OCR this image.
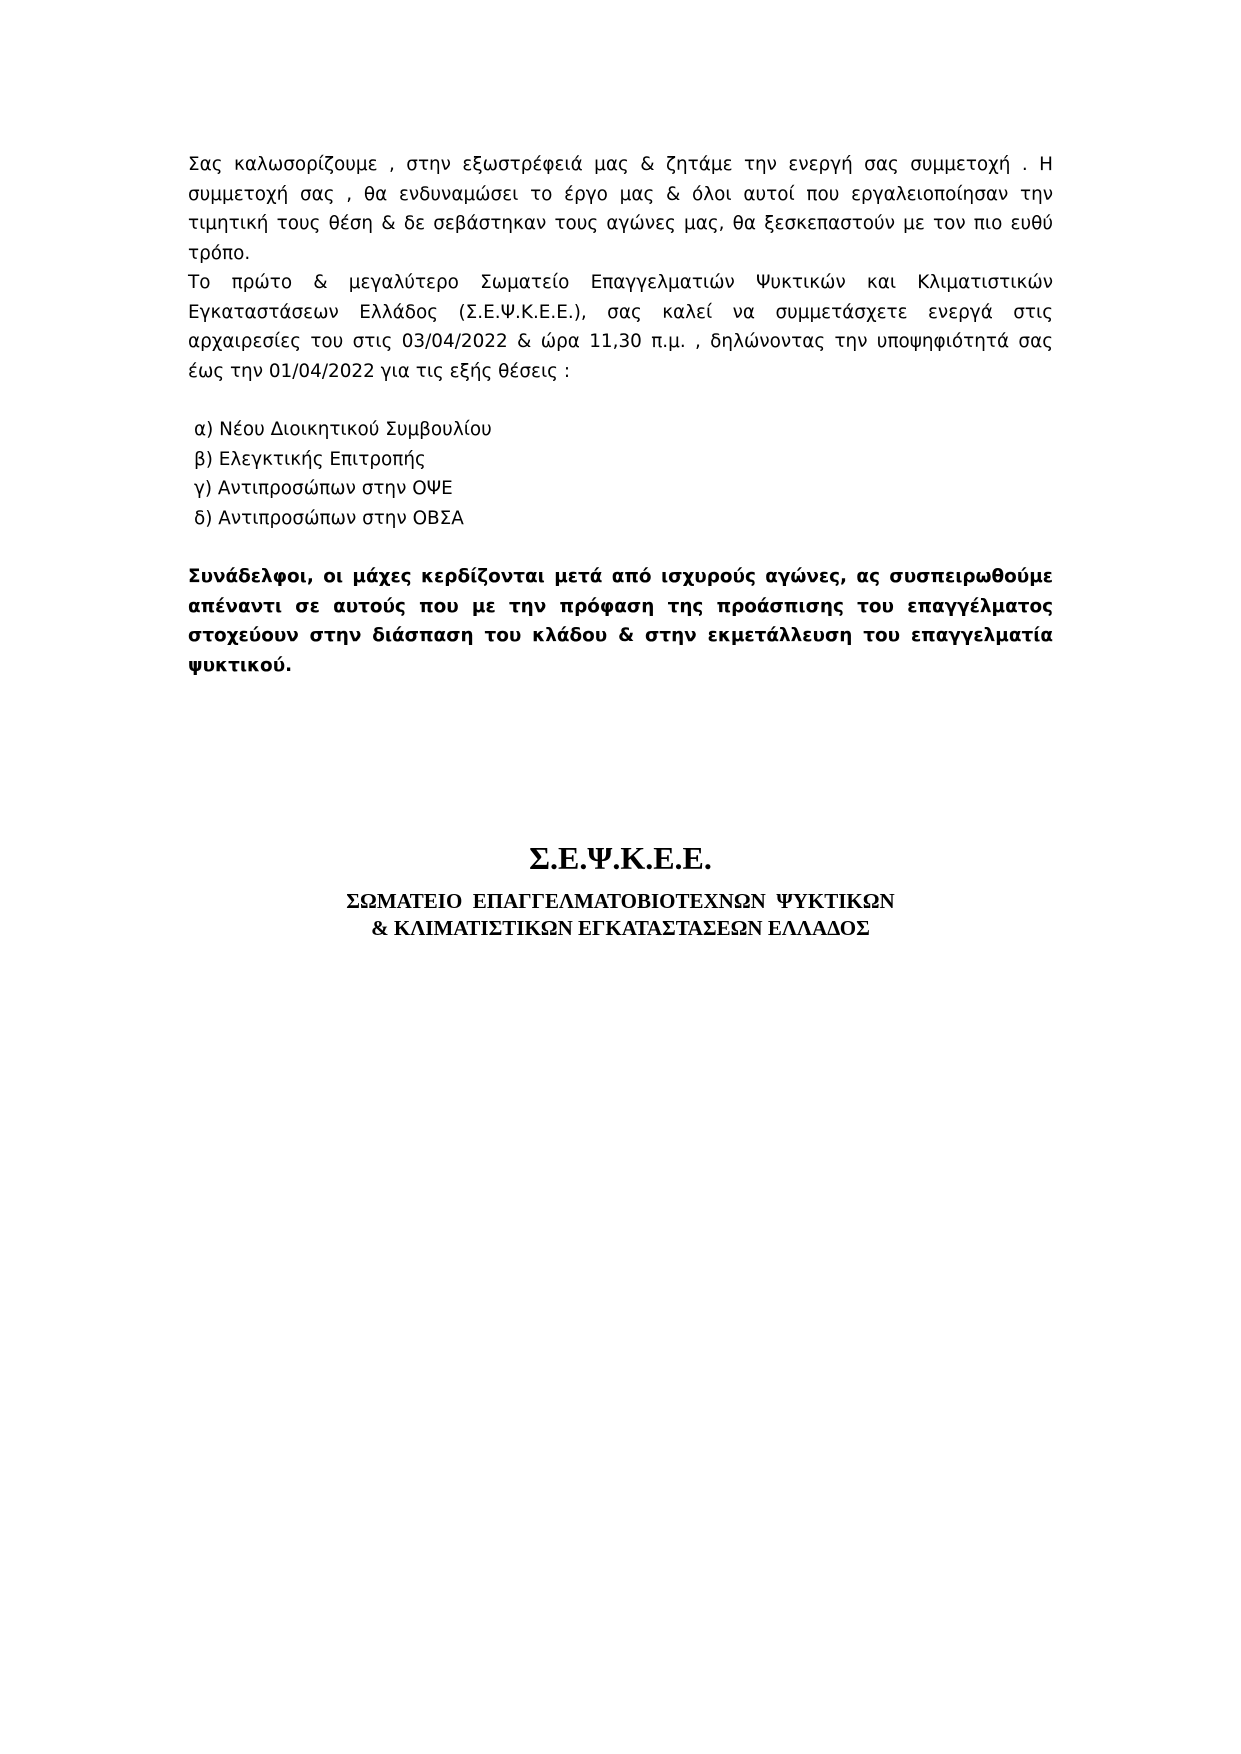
Σας καλωσορίζουμε , στην εξωστρέφειά μας & ζητάμε την ενεργή σας συμμετοχή . Η συμμετοχή σας , θα ενδυναμώσει το έργο μας & όλοι αυτοί που εργαλειοποίησαν την τιμητική τους θέση & δε σεβάστηκαν τους αγώνες μας, θα ξεσκεπαστούν με τον πιο ευθύ τρόπο.

Το πρώτο & μεγαλύτερο Σωματείο Επαγγελματιών Ψυκτικών και Κλιματιστικών Εγκαταστάσεων Ελλάδος (Σ.Ε.Ψ.Κ.Ε.Ε.), σας καλεί να συμμετάσχετε ενεργά στις αρχαιρεσίες του στις 03/04/2022 & ώρα 11,30 π.μ. , δηλώνοντας την υποψηφιότητά σας έως την 01/04/2022 για τις εξής θέσεις :

α) Νέου Διοικητικού Συμβουλίου
β) Ελεγκτικής Επιτροπής
γ) Αντιπροσώπων στην ΟΨΕ
δ) Αντιπροσώπων στην ΟΒΣΑ

Συνάδελφοι, οι μάχες κερδίζονται μετά από ισχυρούς αγώνες, ας συσπειρωθούμε απέναντι σε αυτούς που με την πρόφαση της προάσπισης του επαγγέλματος στοχεύουν στην διάσπαση του κλάδου & στην εκμετάλλευση του επαγγελματία ψυκτικού.

Σ.Ε.Ψ.Κ.Ε.Ε.
ΣΩΜΑΤΕΙΟ  ΕΠΑΓΓΕΛΜΑΤΟΒΙΟΤΕΧΝΩΝ  ΨΥΚΤΙΚΩΝ
& ΚΛΙΜΑΤΙΣΤΙΚΩΝ ΕΓΚΑΤΑΣΤΑΣΕΩΝ ΕΛΛΑΔΟΣ
